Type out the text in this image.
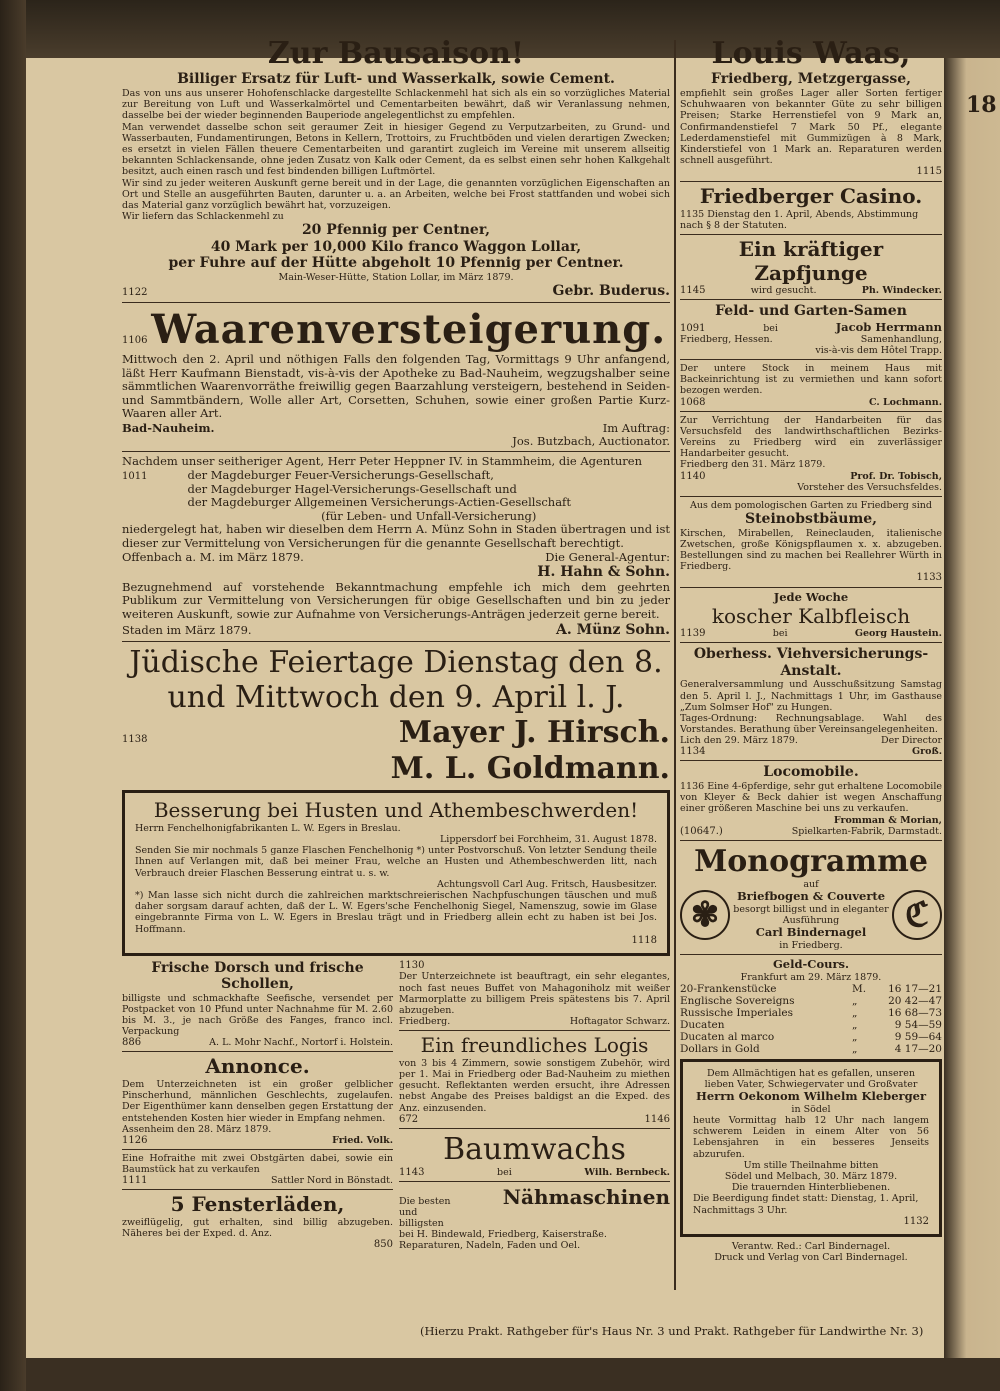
18
Zur Bausaison!
Billiger Ersatz für Luft- und Wasserkalk, sowie Cement.
Das von uns aus unserer Hohofenschlacke dargestellte Schlackenmehl hat sich als ein so vorzügliches Material zur Bereitung von Luft und Wasserkalmörtel und Cementarbeiten bewährt, daß wir Veranlassung nehmen, dasselbe bei der wieder beginnenden Bauperiode angelegentlichst zu empfehlen.
Man verwendet dasselbe schon seit geraumer Zeit in hiesiger Gegend zu Verputzarbeiten, zu Grund- und Wasserbauten, Fundamentirungen, Betons in Kellern, Trottoirs, zu Fruchtböden und vielen derartigen Zwecken; es ersetzt in vielen Fällen theuere Cementarbeiten und garantirt zugleich im Vereine mit unserem allseitig bekannten Schlackensande, ohne jeden Zusatz von Kalk oder Cement, da es selbst einen sehr hohen Kalkgehalt besitzt, auch einen rasch und fest bindenden billigen Luftmörtel.
Wir sind zu jeder weiteren Auskunft gerne bereit und in der Lage, die genannten vorzüglichen Eigenschaften an Ort und Stelle an ausgeführten Bauten, darunter u. a. an Arbeiten, welche bei Frost stattfanden und wobei sich das Material ganz vorzüglich bewährt hat, vorzuzeigen.
Wir liefern das Schlackenmehl zu
20 Pfennig per Centner,
40 Mark per 10,000 Kilo franco Waggon Lollar,
per Fuhre auf der Hütte abgeholt 10 Pfennig per Centner.
Main-Weser-Hütte, Station Lollar, im März 1879.
1122	Gebr. Buderus.
1106 Waarenversteigerung.
Mittwoch den 2. April und nöthigen Falls den folgenden Tag, Vormittags 9 Uhr anfangend, läßt Herr Kaufmann Bienstadt, vis-à-vis der Apotheke zu Bad-Nauheim, wegzugshalber seine sämmtlichen Waarenvorräthe freiwillig gegen Baarzahlung versteigern, bestehend in Seiden- und Sammtbändern, Wolle aller Art, Corsetten, Schuhen, sowie einer großen Partie Kurz-Waaren aller Art.
Bad-Nauheim.	Im Auftrag:
Jos. Butzbach, Auctionator.
Nachdem unser seitheriger Agent, Herr Peter Heppner IV. in Stammheim, die Agenturen
1011	der Magdeburger Feuer-Versicherungs-Gesellschaft,
der Magdeburger Hagel-Versicherungs-Gesellschaft und
der Magdeburger Allgemeinen Versicherungs-Actien-Gesellschaft
(für Leben- und Unfall-Versicherung)
niedergelegt hat, haben wir dieselben dem Herrn A. Münz Sohn in Staden übertragen und ist dieser zur Vermittelung von Versicherungen für die genannte Gesellschaft berechtigt.
Offenbach a. M. im März 1879.	Die General-Agentur:
H. Hahn & Sohn.
Bezugnehmend auf vorstehende Bekanntmachung empfehle ich mich dem geehrten Publikum zur Vermittelung von Versicherungen für obige Gesellschaften und bin zu jeder weiteren Auskunft, sowie zur Aufnahme von Versicherungs-Anträgen jederzeit gerne bereit.
Staden im März 1879.	A. Münz Sohn.
Jüdische Feiertage Dienstag den 8. und Mittwoch den 9. April l. J.
1138	Mayer J. Hirsch.
M. L. Goldmann.
Besserung bei Husten und Athembeschwerden!
Herrn Fenchelhonigfabrikanten L. W. Egers in Breslau.
Lippersdorf bei Forchheim, 31. August 1878.
Senden Sie mir nochmals 5 ganze Flaschen Fenchelhonig *) unter Postvorschuß. Von letzter Sendung theile Ihnen auf Verlangen mit, daß bei meiner Frau, welche an Husten und Athembeschwerden litt, nach Verbrauch dreier Flaschen Besserung eintrat u. s. w.
Achtungsvoll Carl Aug. Fritsch, Hausbesitzer.
*) Man lasse sich nicht durch die zahlreichen marktschreierischen Nachpfuschungen täuschen und muß daher sorgsam darauf achten, daß der L. W. Egers'sche Fenchelhonig Siegel, Namenszug, sowie im Glase eingebrannte Firma von L. W. Egers in Breslau trägt und in Friedberg allein echt zu haben ist bei Jos. Hoffmann.
1118
Frische Dorsch und frische Schollen,
billigste und schmackhafte Seefische, versendet per Postpacket von 10 Pfund unter Nachnahme für M. 2.60 bis M. 3., je nach Größe des Fanges, franco incl. Verpackung
886	A. L. Mohr Nachf., Nortorf i. Holstein.
Annonce.
Dem Unterzeichneten ist ein großer gelblicher Pinscherhund, männlichen Geschlechts, zugelaufen. Der Eigenthümer kann denselben gegen Erstattung der entstehenden Kosten hier wieder in Empfang nehmen.
Assenheim den 28. März 1879.
1126	Fried. Volk.
Eine Hofraithe mit zwei Obstgärten dabei, sowie ein Baumstück hat zu verkaufen
1111	Sattler Nord in Bönstadt.
5 Fensterläden,
zweiflügelig, gut erhalten, sind billig abzugeben. Näheres bei der Exped. d. Anz.
850
1130
Der Unterzeichnete ist beauftragt, ein sehr elegantes, noch fast neues Buffet von Mahagoniholz mit weißer Marmorplatte zu billigem Preis spätestens bis 7. April abzugeben.
Friedberg.	Hoftagator Schwarz.
Ein freundliches Logis
von 3 bis 4 Zimmern, sowie sonstigem Zubehör, wird per 1. Mai in Friedberg oder Bad-Nauheim zu miethen gesucht. Reflektanten werden ersucht, ihre Adressen nebst Angabe des Preises baldigst an die Exped. des Anz. einzusenden.
672	1146
Baumwachs
1143	bei	Wilh. Bernbeck.
Die besten und billigsten
Nähmaschinen
bei H. Bindewald, Friedberg, Kaiserstraße.
Reparaturen, Nadeln, Faden und Oel.
Louis Waas,
Friedberg, Metzgergasse,
empfiehlt sein großes Lager aller Sorten fertiger Schuhwaaren von bekannter Güte zu sehr billigen Preisen; Starke Herrenstiefel von 9 Mark an, Confirmandenstiefel 7 Mark 50 Pf., elegante Lederdamenstiefel mit Gummizügen à 8 Mark, Kinderstiefel von 1 Mark an. Reparaturen werden schnell ausgeführt.
1115
Friedberger Casino.
1135 Dienstag den 1. April, Abends, Abstimmung nach § 8 der Statuten.
Ein kräftiger Zapfjunge
1145	wird gesucht.	Ph. Windecker.
Feld- und Garten-Samen
1091	bei	Jacob Herrmann
Friedberg, Hessen.	Samenhandlung,
vis-à-vis dem Hôtel Trapp.
Der untere Stock in meinem Haus mit Backeinrichtung ist zu vermiethen und kann sofort bezogen werden.
1068	C. Lochmann.
Zur Verrichtung der Handarbeiten für das Versuchsfeld des landwirthschaftlichen Bezirks-Vereins zu Friedberg wird ein zuverlässiger Handarbeiter gesucht.
Friedberg den 31. März 1879.
1140	Prof. Dr. Tobisch,
Vorsteher des Versuchsfeldes.
Aus dem pomologischen Garten zu Friedberg sind
Steinobstbäume,
Kirschen, Mirabellen, Reineclauden, italienische Zwetschen, große Königspflaumen x. x. abzugeben. Bestellungen sind zu machen bei Reallehrer Würth in Friedberg.
1133
Jede Woche
koscher Kalbfleisch
1139	bei	Georg Haustein.
Oberhess. Viehversicherungs-Anstalt.
Generalversammlung und Ausschußsitzung Samstag den 5. April l. J., Nachmittags 1 Uhr, im Gasthause „Zum Solmser Hof" zu Hungen.
Tages-Ordnung: Rechnungsablage. Wahl des Vorstandes. Berathung über Vereinsangelegenheiten.
Lich den 29. März 1879.	Der Director
1134	Groß.
Locomobile.
1136 Eine 4-6pferdige, sehr gut erhaltene Locomobile von Kleyer & Beck dahier ist wegen Anschaffung einer größeren Maschine bei uns zu verkaufen.
Fromman & Morian,
(10647.)	Spielkarten-Fabrik, Darmstadt.
Monogramme
✾
auf
Briefbogen & Couverte
besorgt billigst und in eleganter Ausführung
Carl Bindernagel
in Friedberg.
ℭ
Geld-Cours.
Frankfurt am 29. März 1879.
20-Frankenstücke	M.	16 17—21
Englische Sovereigns	„	20 42—47
Russische Imperiales	„	16 68—73
Ducaten	„	9 54—59
Ducaten al marco	„	9 59—64
Dollars in Gold	„	4 17—20
Dem Allmächtigen hat es gefallen, unseren lieben Vater, Schwiegervater und Großvater
Herrn Oekonom Wilhelm Kleberger
in Södel
heute Vormittag halb 12 Uhr nach langem schwerem Leiden in einem Alter von 56 Lebensjahren in ein besseres Jenseits abzurufen.
Um stille Theilnahme bitten
Södel und Melbach, 30. März 1879.
Die trauernden Hinterbliebenen.
Die Beerdigung findet statt: Dienstag, 1. April, Nachmittags 3 Uhr.
1132
Verantw. Red.: Carl Bindernagel.
Druck und Verlag von Carl Bindernagel.
(Hierzu Prakt. Rathgeber für's Haus Nr. 3 und Prakt. Rathgeber für Landwirthe Nr. 3)
